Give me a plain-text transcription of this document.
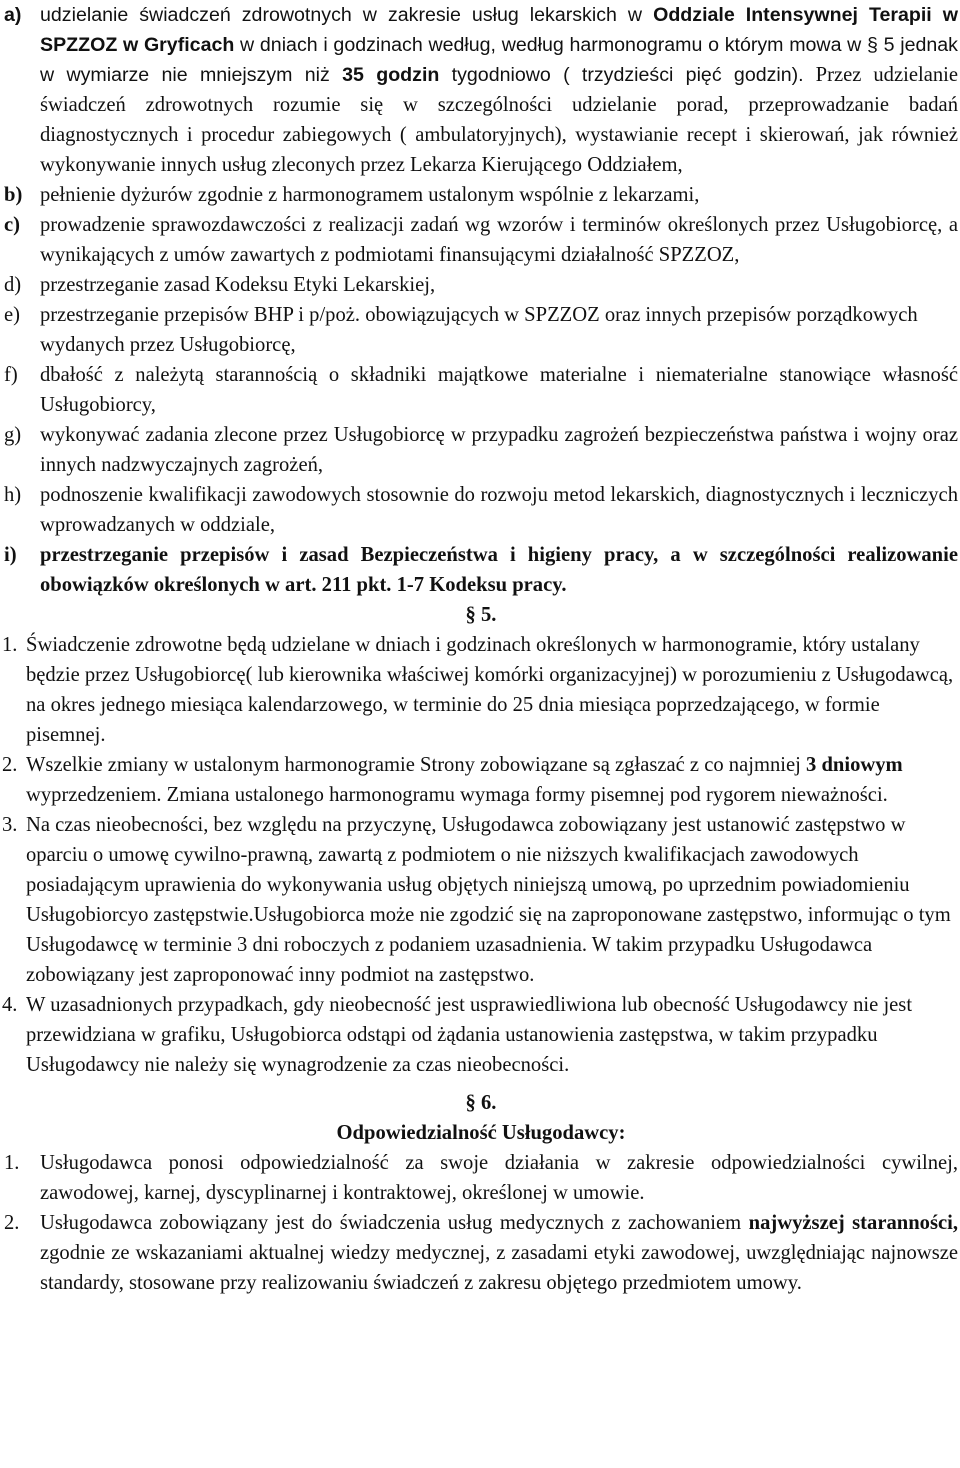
a) udzielanie świadczeń zdrowotnych w zakresie usług lekarskich w Oddziale Intensywnej Terapii w SPZZOZ w Gryficach w dniach i godzinach według, według harmonogramu o którym mowa w § 5 jednak w wymiarze nie mniejszym niż 35 godzin tygodniowo ( trzydzieści pięć godzin). Przez udzielanie świadczeń zdrowotnych rozumie się w szczególności udzielanie porad, przeprowadzanie badań diagnostycznych i procedur zabiegowych ( ambulatoryjnych), wystawianie recept i skierowań, jak również wykonywanie innych usług zleconych przez Lekarza Kierującego Oddziałem,
b) pełnienie dyżurów zgodnie z harmonogramem ustalonym wspólnie z lekarzami,
c) prowadzenie sprawozdawczości z realizacji zadań wg wzorów i terminów określonych przez Usługobiorcę, a wynikających z umów zawartych z podmiotami finansującymi działalność SPZZOZ,
d) przestrzeganie zasad Kodeksu Etyki Lekarskiej,
e) przestrzeganie przepisów BHP i p/poż. obowiązujących w SPZZOZ oraz innych przepisów porządkowych wydanych przez Usługobiorcę,
f)	dbałość z należytą starannością o składniki majątkowe materialne i niematerialne stanowiące własność Usługobiorcy,
g) wykonywać zadania zlecone przez Usługobiorcę w przypadku zagrożeń bezpieczeństwa państwa i wojny oraz innych nadzwyczajnych zagrożeń,
h) podnoszenie kwalifikacji zawodowych stosownie do rozwoju metod lekarskich, diagnostycznych i leczniczych wprowadzanych w oddziale,
i)	przestrzeganie przepisów i zasad Bezpieczeństwa i higieny pracy, a w szczególności realizowanie obowiązków określonych w art. 211 pkt. 1-7 Kodeksu pracy.
§ 5.
1. Świadczenie zdrowotne będą udzielane w dniach i godzinach określonych w harmonogramie, który ustalany będzie przez Usługobiorcę( lub kierownika właściwej komórki organizacyjnej) w porozumieniu z Usługodawcą, na okres jednego miesiąca kalendarzowego, w terminie do 25 dnia miesiąca poprzedzającego, w formie pisemnej.
2. Wszelkie zmiany w ustalonym harmonogramie Strony zobowiązane są zgłaszać z co najmniej 3 dniowym wyprzedzeniem. Zmiana ustalonego harmonogramu wymaga formy pisemnej pod rygorem nieważności.
3. Na czas nieobecności, bez względu na przyczynę, Usługodawca zobowiązany jest ustanowić zastępstwo w oparciu o umowę cywilno-prawną, zawartą z podmiotem o nie niższych kwalifikacjach zawodowych posiadającym uprawienia do wykonywania usług objętych niniejszą umową, po uprzednim powiadomieniu Usługobiorcyo zastępstwie.Usługobiorca może nie zgodzić się na zaproponowane zastępstwo, informując o tym Usługodawcę w terminie 3 dni roboczych z podaniem uzasadnienia. W takim przypadku Usługodawca zobowiązany jest zaproponować inny podmiot na zastępstwo.
4. W uzasadnionych przypadkach, gdy nieobecność jest usprawiedliwiona lub obecność Usługodawcy nie jest przewidziana w grafiku, Usługobiorca odstąpi od żądania ustanowienia zastępstwa, w takim przypadku Usługodawcy nie należy się wynagrodzenie za czas nieobecności.
§ 6.
Odpowiedzialność Usługodawcy:
1. Usługodawca ponosi odpowiedzialność za swoje działania w zakresie odpowiedzialności cywilnej, zawodowej, karnej, dyscyplinarnej i kontraktowej, określonej w umowie.
2. Usługodawca zobowiązany jest do świadczenia usług medycznych z zachowaniem najwyższej staranności, zgodnie ze wskazaniami aktualnej wiedzy medycznej, z zasadami etyki zawodowej, uwzględniając najnowsze standardy, stosowane przy realizowaniu świadczeń z zakresu objętego przedmiotem umowy.
